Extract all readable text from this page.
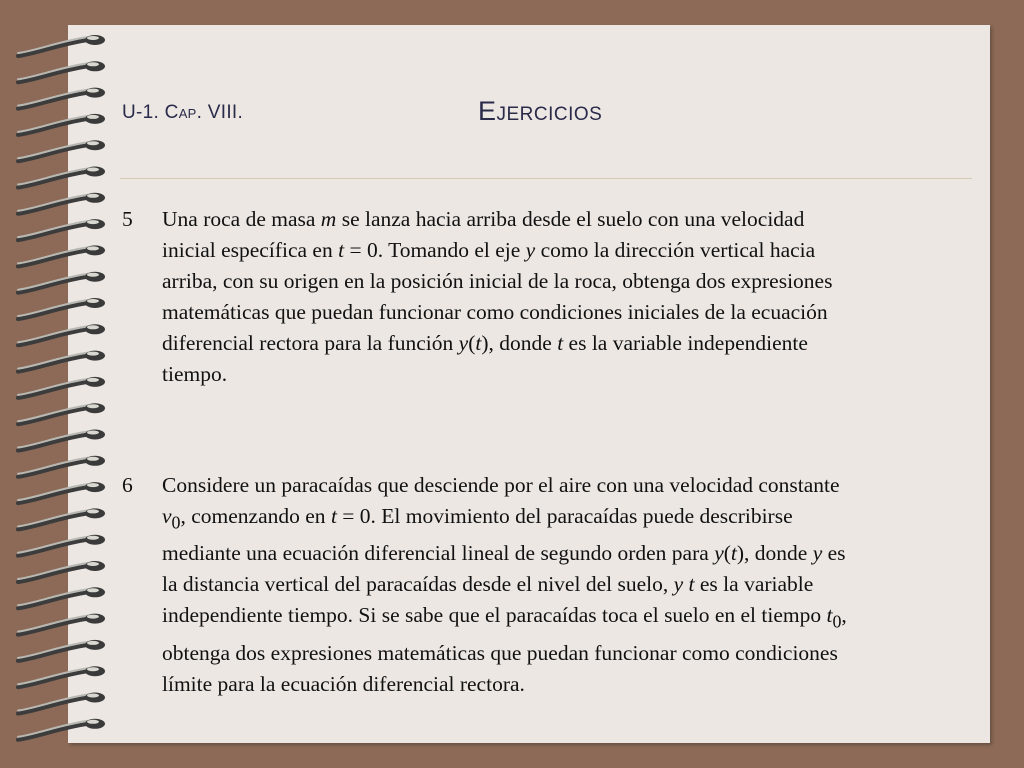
U-1. Cap. VIII.	Ejercicios
5	Una roca de masa m se lanza hacia arriba desde el suelo con una velocidad
inicial específica en t = 0. Tomando el eje y como la dirección vertical hacia
arriba, con su origen en la posición inicial de la roca, obtenga dos expresiones
matemáticas que puedan funcionar como condiciones iniciales de la ecuación
diferencial rectora para la función y(t), donde t es la variable independiente
tiempo.
6	Considere un paracaídas que desciende por el aire con una velocidad constante
$v_0$, comenzando en t = 0. El movimiento del paracaídas puede describirse
mediante una ecuación diferencial lineal de segundo orden para y(t), donde y es
la distancia vertical del paracaídas desde el nivel del suelo, y t es la variable
independiente tiempo. Si se sabe que el paracaídas toca el suelo en el tiempo $t_0$,
obtenga dos expresiones matemáticas que puedan funcionar como condiciones
límite para la ecuación diferencial rectora.
